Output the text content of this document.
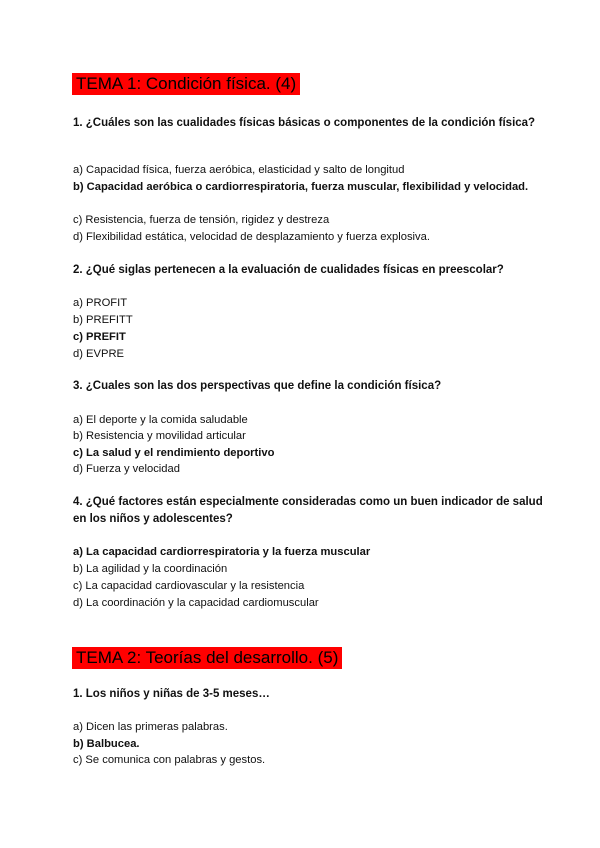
TEMA 1: Condición física. (4)

1. ¿Cuáles son las cualidades físicas básicas o componentes de la condición física?

a) Capacidad física, fuerza aeróbica, elasticidad y salto de longitud

b) Capacidad aeróbica o cardiorrespiratoria, fuerza muscular, flexibilidad y velocidad.

c) Resistencia, fuerza de tensión, rigidez y destreza

d) Flexibilidad estática, velocidad de desplazamiento y fuerza explosiva.

2. ¿Qué siglas pertenecen a la evaluación de cualidades físicas en preescolar?

a) PROFIT

b) PREFITT

c) PREFIT

d) EVPRE

3. ¿Cuales son las dos perspectivas que define la condición física?

a) El deporte y la comida saludable

b) Resistencia y movilidad articular

c) La salud y el rendimiento deportivo

d) Fuerza y velocidad

4. ¿Qué factores están especialmente consideradas como un buen indicador de salud en los niños y adolescentes?

a) La capacidad cardiorrespiratoria y la fuerza muscular

b) La agilidad y la coordinación

c) La capacidad cardiovascular y la resistencia

d) La coordinación y la capacidad cardiomuscular

TEMA 2: Teorías del desarrollo. (5)

1. Los niños y niñas de 3-5 meses…

a) Dicen las primeras palabras.

b) Balbucea.

c) Se comunica con palabras y gestos.
